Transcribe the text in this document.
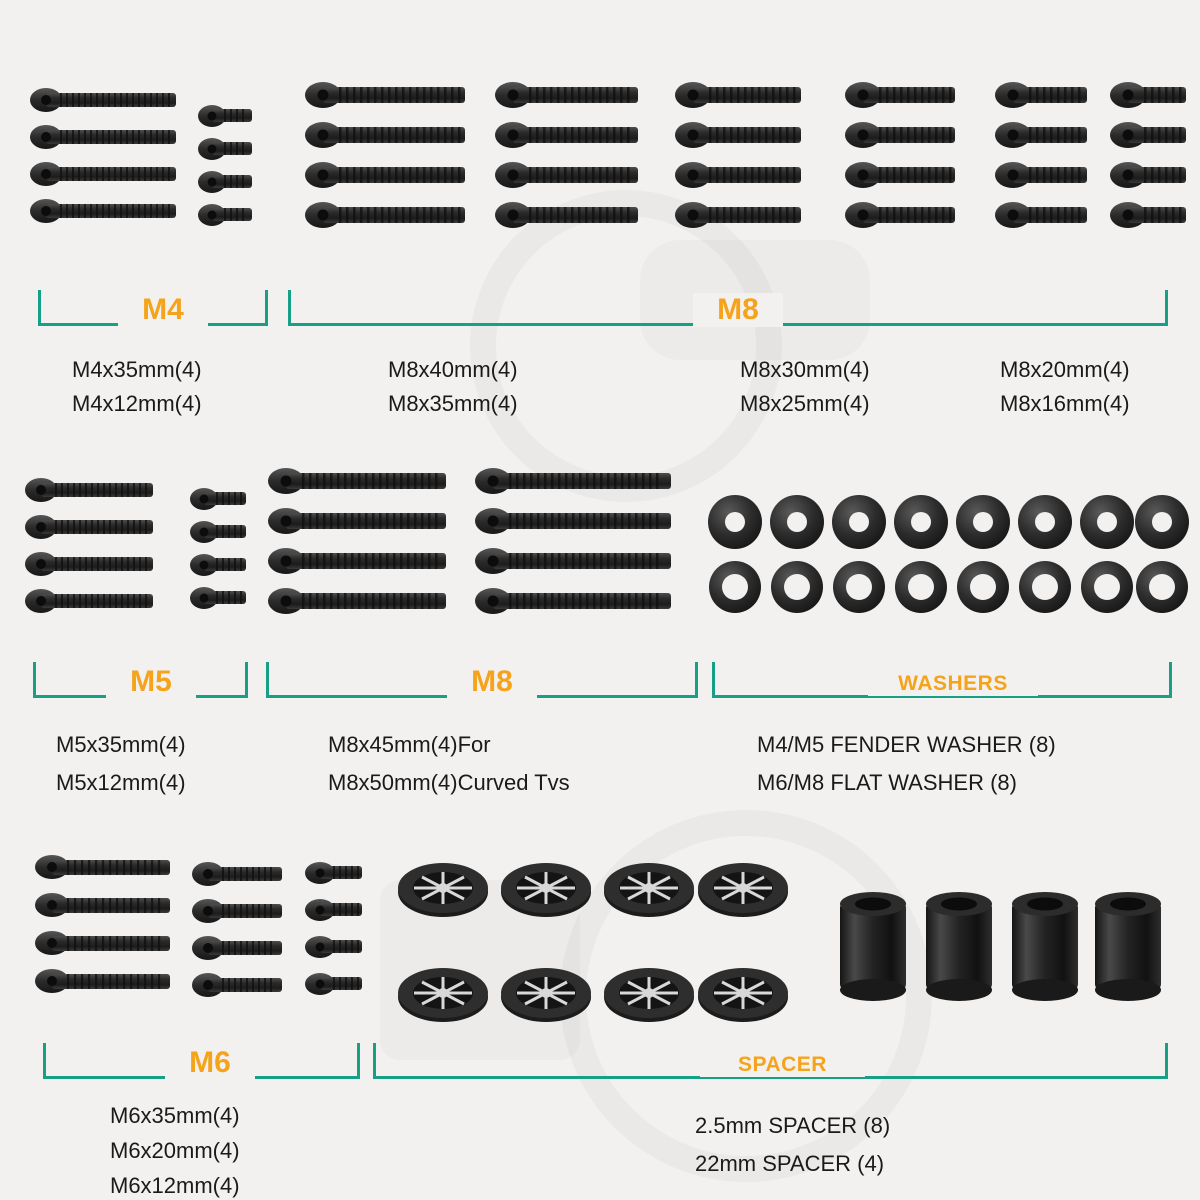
M4	M8
M4x35mm(4)
M4x12mm(4)
M8x40mm(4)
M8x35mm(4)
M8x30mm(4)
M8x25mm(4)
M8x20mm(4)
M8x16mm(4)
M5	M8	WASHERS
M5x35mm(4)
M5x12mm(4)
M8x45mm(4)For
M8x50mm(4)Curved Tvs
M4/M5 FENDER WASHER (8)
M6/M8 FLAT WASHER (8)
M6	SPACER
M6x35mm(4)
M6x20mm(4)
M6x12mm(4)
2.5mm SPACER (8)
22mm SPACER (4)
